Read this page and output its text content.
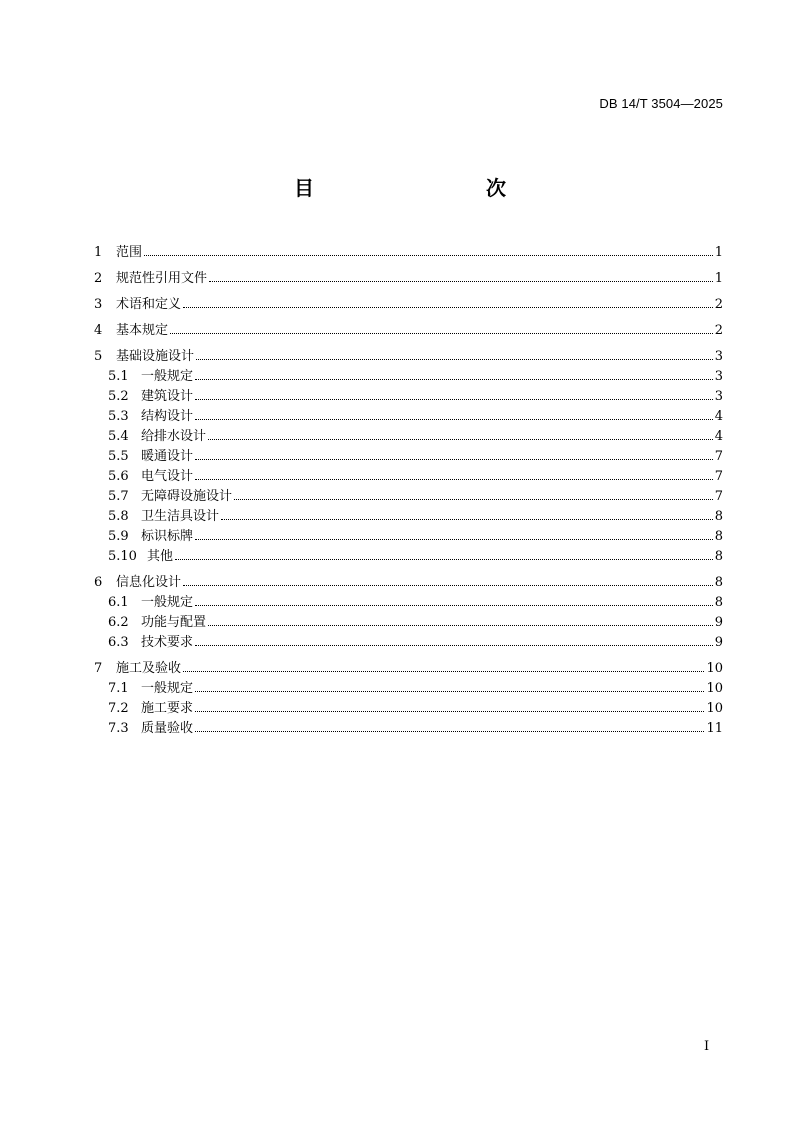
DB 14/T 3504—2025
目　　次
1	范围	1
2	规范性引用文件	1
3	术语和定义	2
4	基本规定	2
5	基础设施设计	3
5.1 一般规定	3
5.2 建筑设计	3
5.3 结构设计	4
5.4 给排水设计	4
5.5 暖通设计	7
5.6 电气设计	7
5.7 无障碍设施设计	7
5.8 卫生洁具设计	8
5.9 标识标牌	8
5.10 其他	8
6	信息化设计	8
6.1 一般规定	8
6.2 功能与配置	9
6.3 技术要求	9
7	施工及验收	10
7.1 一般规定	10
7.2 施工要求	10
7.3 质量验收	11
I
